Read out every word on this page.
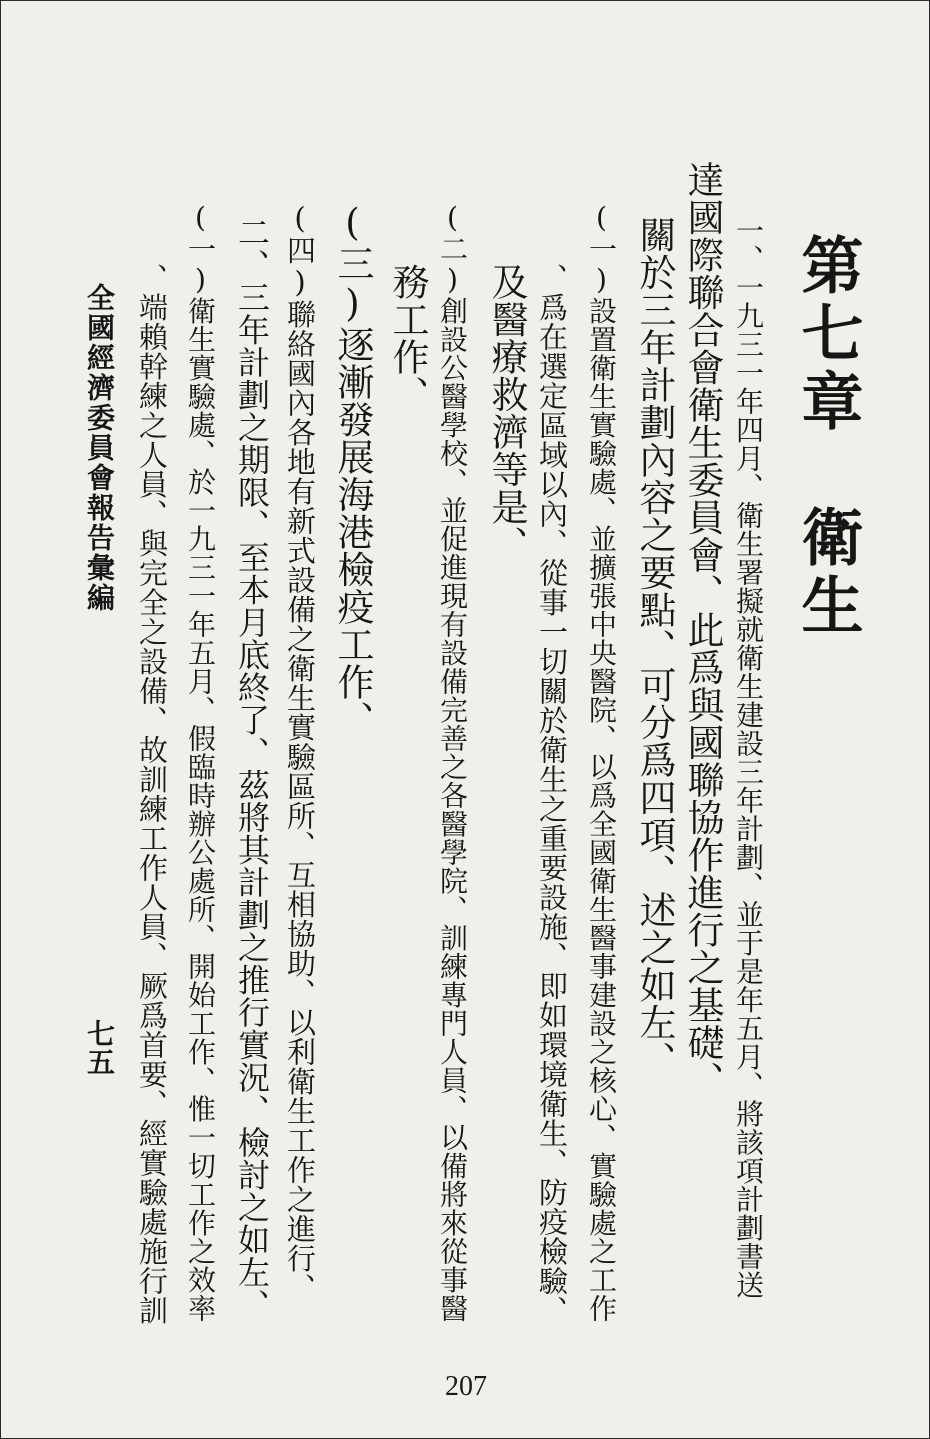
第七章　衛生
一、一九三一年四月、衛生署擬就衛生建設三年計劃、並于是年五月、將該項計劃書送
達國際聯合會衛生委員會、此爲與國聯協作進行之基礎、
關於三年計劃內容之要點、可分爲四項、述之如左、
(一)設置衛生實驗處、並擴張中央醫院、以爲全國衛生醫事建設之核心、實驗處之工作
、爲在選定區域以內、從事一切關於衛生之重要設施、即如環境衛生、防疫檢驗、
及醫療救濟等是、
(二)創設公醫學校、並促進現有設備完善之各醫學院、訓練專門人員、以備將來從事醫
務工作、
(三)逐漸發展海港檢疫工作、
(四)聯絡國內各地有新式設備之衛生實驗區所、互相協助、以利衛生工作之進行、
二、三年計劃之期限、至本月底終了、茲將其計劃之推行實況、檢討之如左、
(一)衛生實驗處、於一九三一年五月、假臨時辦公處所、開始工作、惟一切工作之效率
、端賴幹練之人員、與完全之設備、故訓練工作人員、厥爲首要、經實驗處施行訓
全國經濟委員會報告彙編
七五
207
